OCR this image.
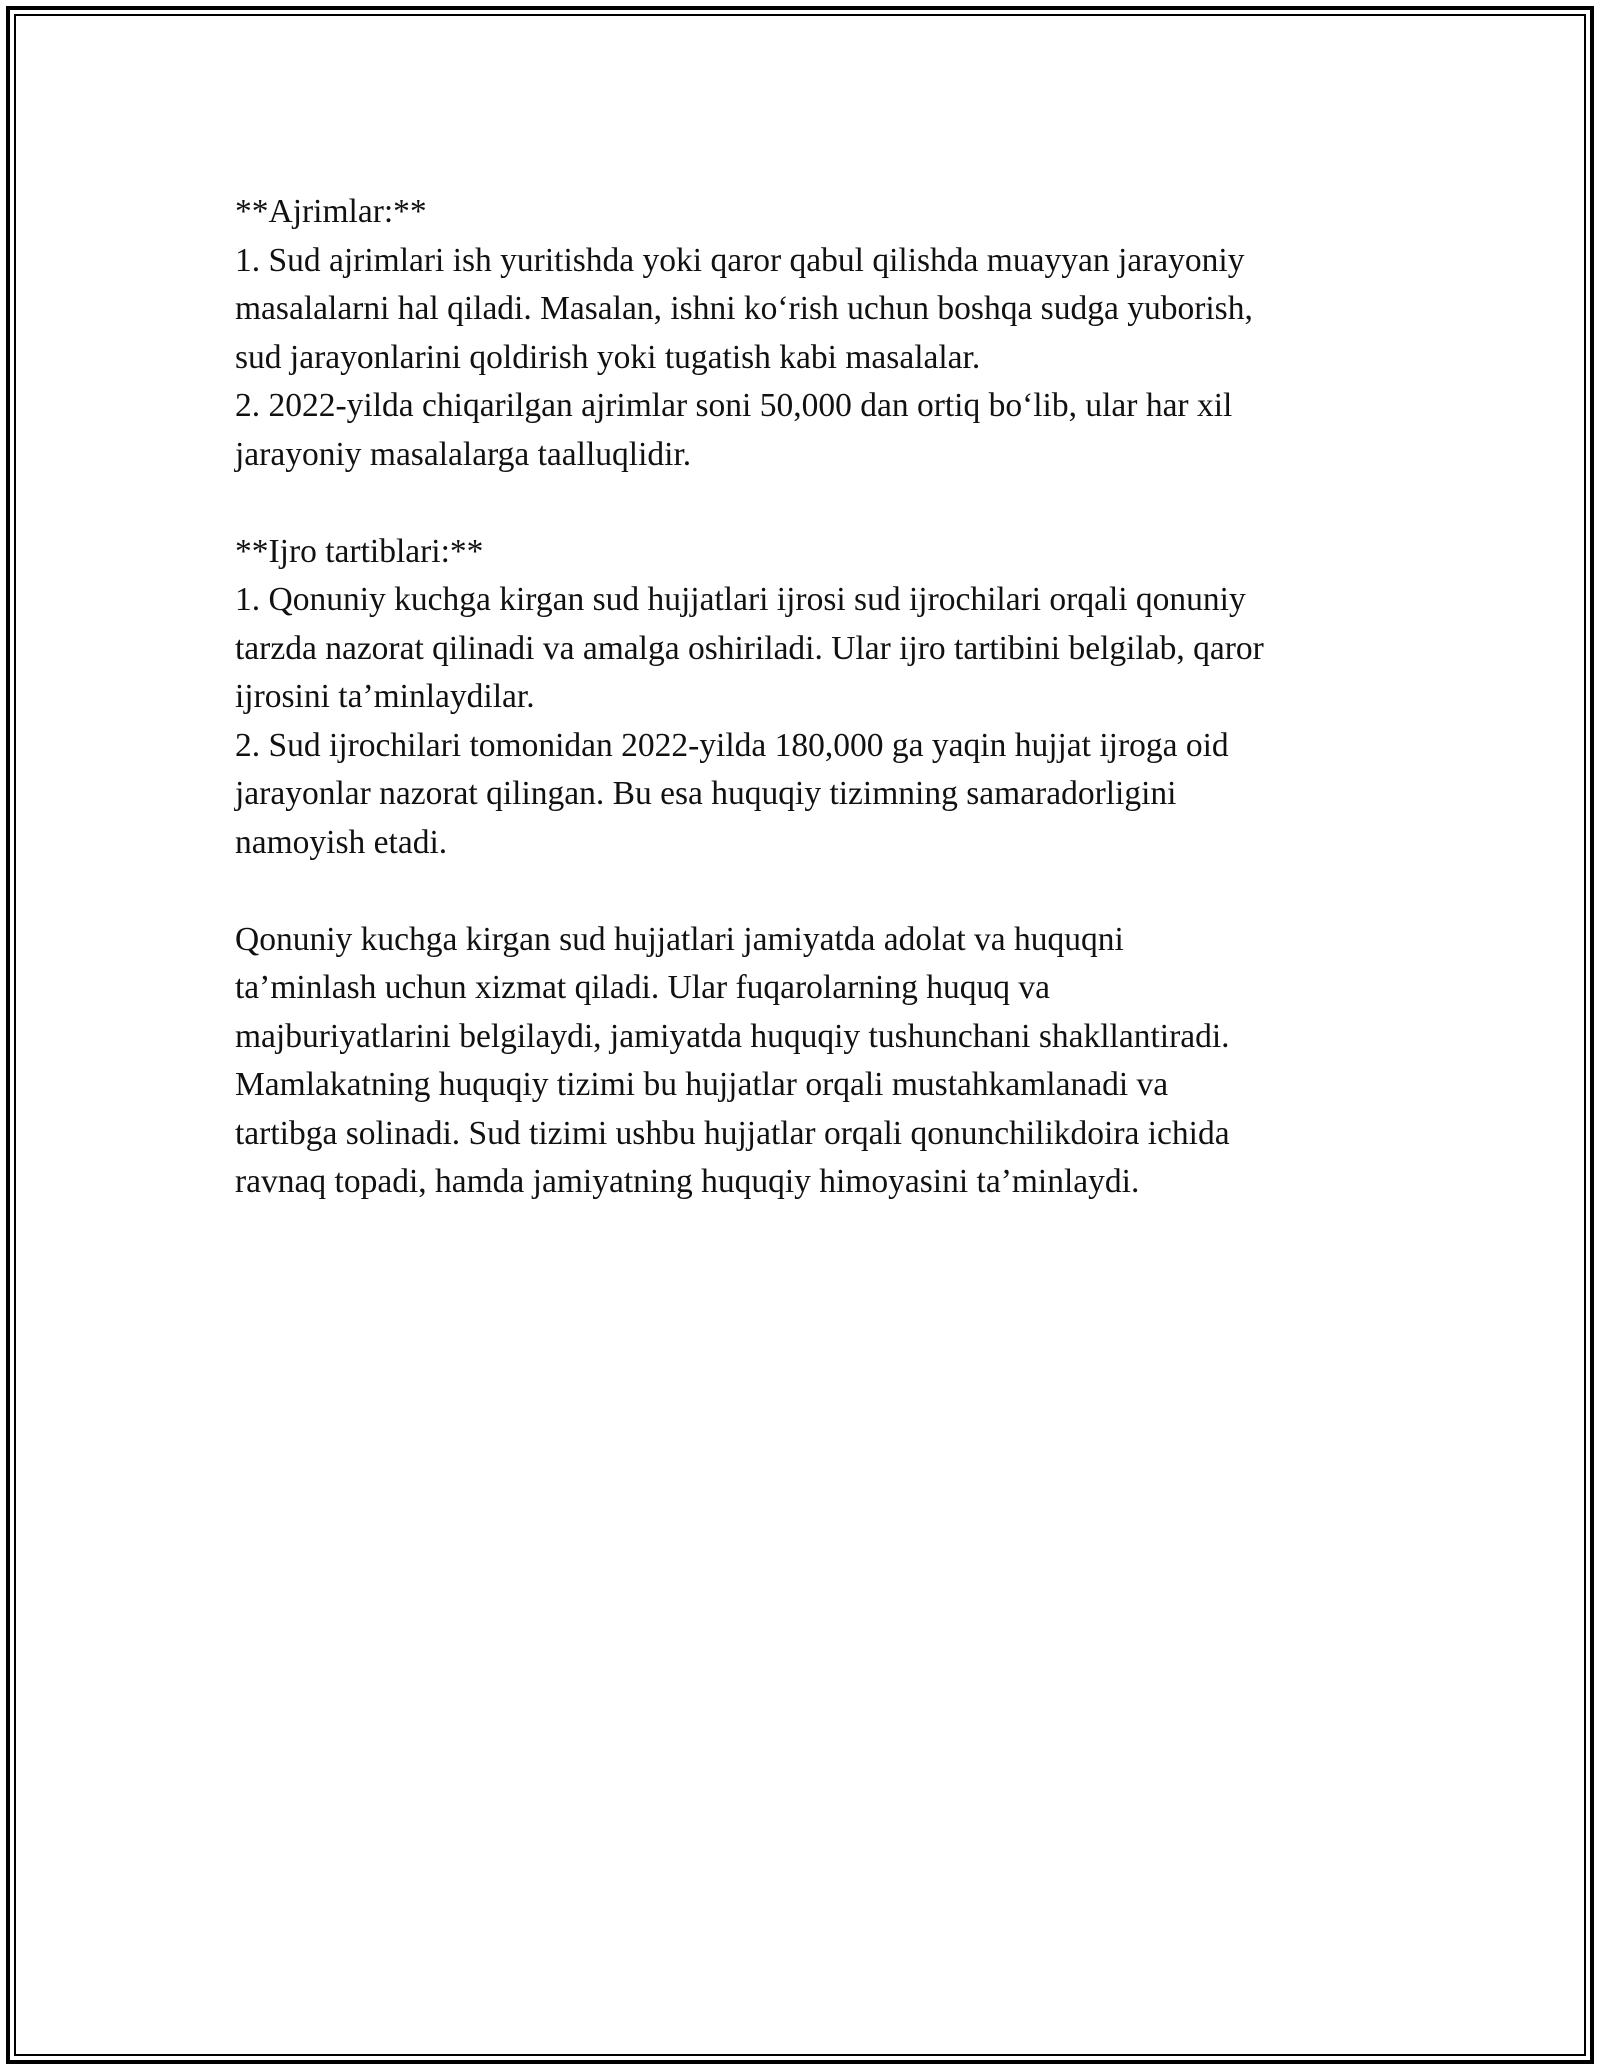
**Ajrimlar:**

1. Sud ajrimlari ish yuritishda yoki qaror qabul qilishda muayyan jarayoniy

masalalarni hal qiladi. Masalan, ishni ko‘rish uchun boshqa sudga yuborish,

sud jarayonlarini qoldirish yoki tugatish kabi masalalar.

2. 2022-yilda chiqarilgan ajrimlar soni 50,000 dan ortiq bo‘lib, ular har xil

jarayoniy masalalarga taalluqlidir.

**Ijro tartiblari:**

1. Qonuniy kuchga kirgan sud hujjatlari ijrosi sud ijrochilari orqali qonuniy

tarzda nazorat qilinadi va amalga oshiriladi. Ular ijro tartibini belgilab, qaror

ijrosini ta’minlaydilar.

2. Sud ijrochilari tomonidan 2022-yilda 180,000 ga yaqin hujjat ijroga oid

jarayonlar nazorat qilingan. Bu esa huquqiy tizimning samaradorligini

namoyish etadi.

Qonuniy kuchga kirgan sud hujjatlari jamiyatda adolat va huquqni

ta’minlash uchun xizmat qiladi. Ular fuqarolarning huquq va

majburiyatlarini belgilaydi, jamiyatda huquqiy tushunchani shakllantiradi.

Mamlakatning huquqiy tizimi bu hujjatlar orqali mustahkamlanadi va

tartibga solinadi. Sud tizimi ushbu hujjatlar orqali qonunchilikdoira ichida

ravnaq topadi, hamda jamiyatning huquqiy himoyasini ta’minlaydi.
